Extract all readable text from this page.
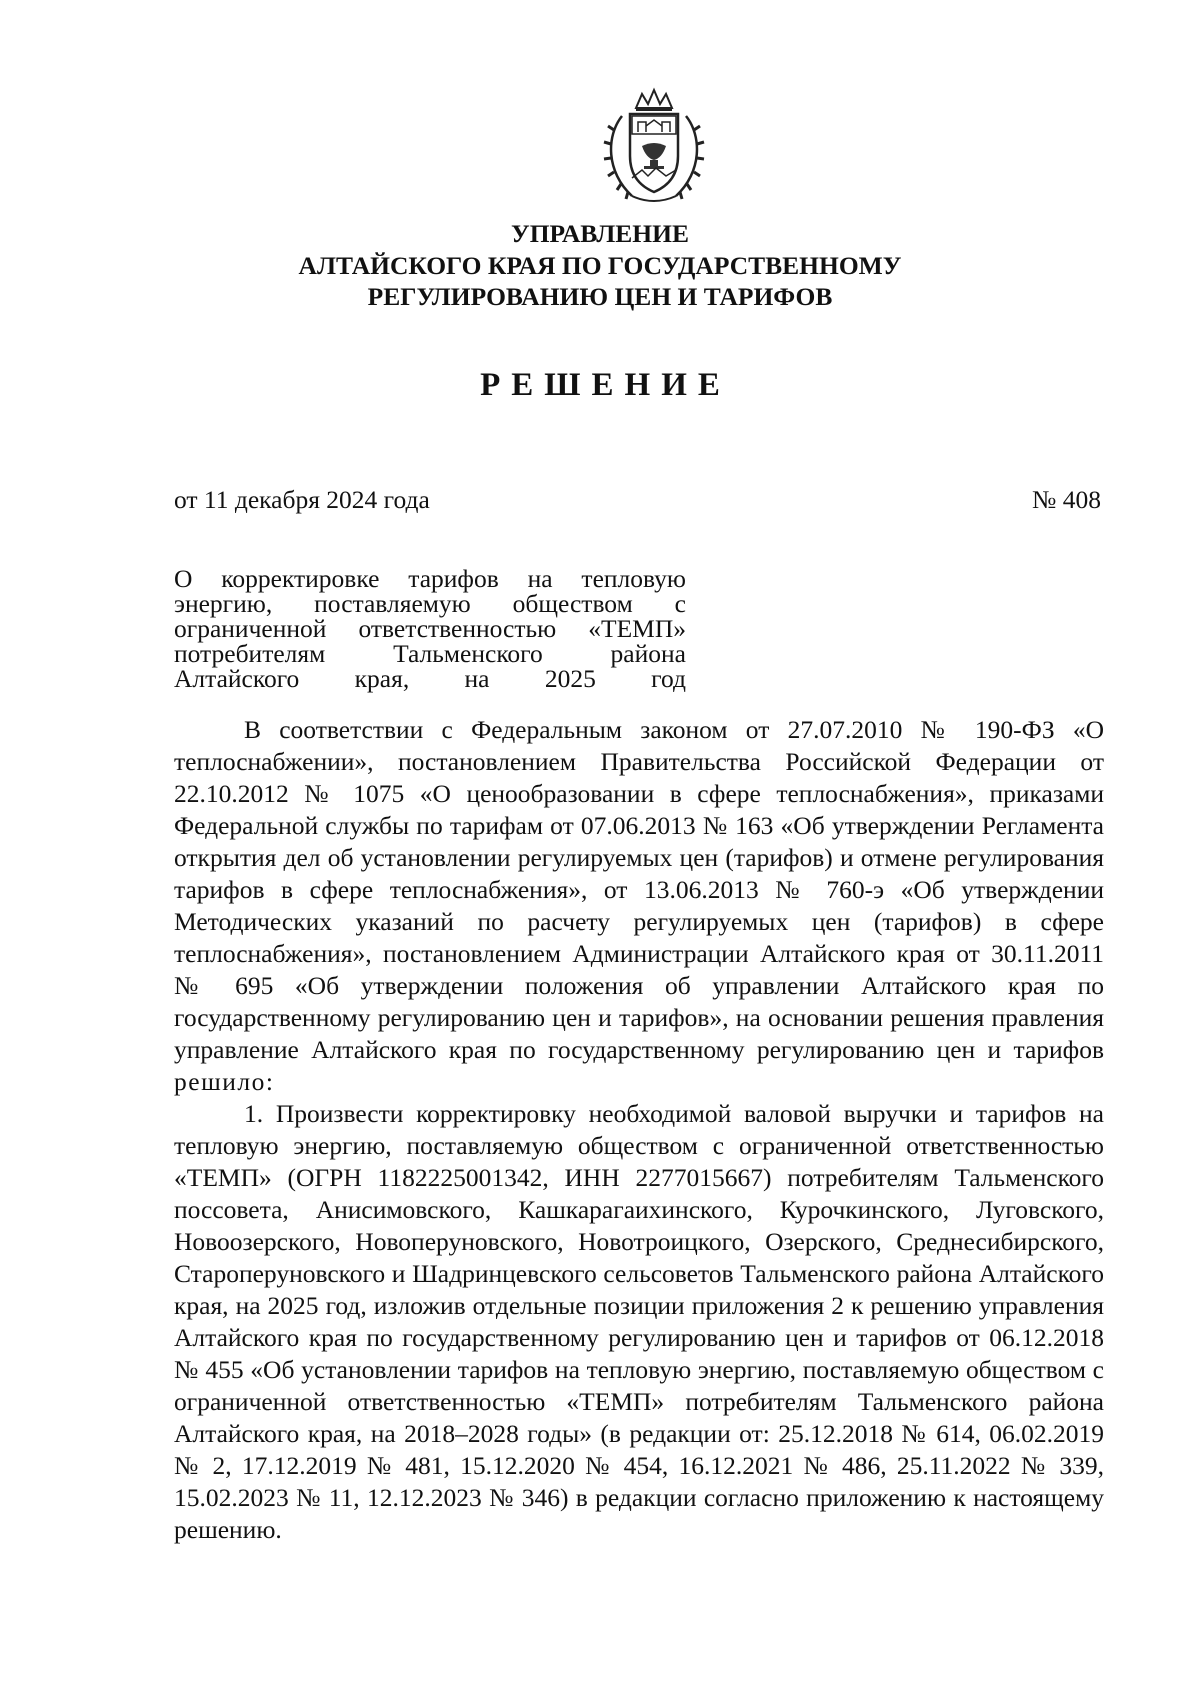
УПРАВЛЕНИЕ
АЛТАЙСКОГО КРАЯ ПО ГОСУДАРСТВЕННОМУ
РЕГУЛИРОВАНИЮ ЦЕН И ТАРИФОВ
РЕШЕНИЕ
от 11 декабря 2024 года	№ 408
О корректировке тарифов на тепловую энергию, поставляемую обществом с ограниченной ответственностью «ТЕМП» потребителям Тальменского района Алтайского края, на 2025 год

В соответствии с Федеральным законом от 27.07.2010 № 190-ФЗ «О теплоснабжении», постановлением Правительства Российской Федерации от 22.10.2012 № 1075 «О ценообразовании в сфере теплоснабжения», приказами Федеральной службы по тарифам от 07.06.2013 № 163 «Об утверждении Регламента открытия дел об установлении регулируемых цен (тарифов) и отмене регулирования тарифов в сфере теплоснабжения», от 13.06.2013 № 760-э «Об утверждении Методических указаний по расчету регулируемых цен (тарифов) в сфере теплоснабжения», постановлением Администрации Алтайского края от 30.11.2011 № 695 «Об утверждении положения об управлении Алтайского края по государственному регулированию цен и тарифов», на основании решения правления управление Алтайского края по государственному регулированию цен и тарифов решило:

1. Произвести корректировку необходимой валовой выручки и тарифов на тепловую энергию, поставляемую обществом с ограниченной ответственностью «ТЕМП» (ОГРН 1182225001342, ИНН 2277015667) потребителям Тальменского поссовета, Анисимовского, Кашкарагаихинского, Курочкинского, Луговского, Новоозерского, Новоперуновского, Новотроицкого, Озерского, Среднесибирского, Староперуновского и Шадринцевского сельсоветов Тальменского района Алтайского края, на 2025 год, изложив отдельные позиции приложения 2 к решению управления Алтайского края по государственному регулированию цен и тарифов от 06.12.2018 № 455 «Об установлении тарифов на тепловую энергию, поставляемую обществом с ограниченной ответственностью «ТЕМП» потребителям Тальменского района Алтайского края, на 2018–2028 годы» (в редакции от: 25.12.2018 № 614, 06.02.2019 № 2, 17.12.2019 № 481, 15.12.2020 № 454, 16.12.2021 № 486, 25.11.2022 № 339, 15.02.2023 № 11, 12.12.2023 № 346) в редакции согласно приложению к настоящему решению.
